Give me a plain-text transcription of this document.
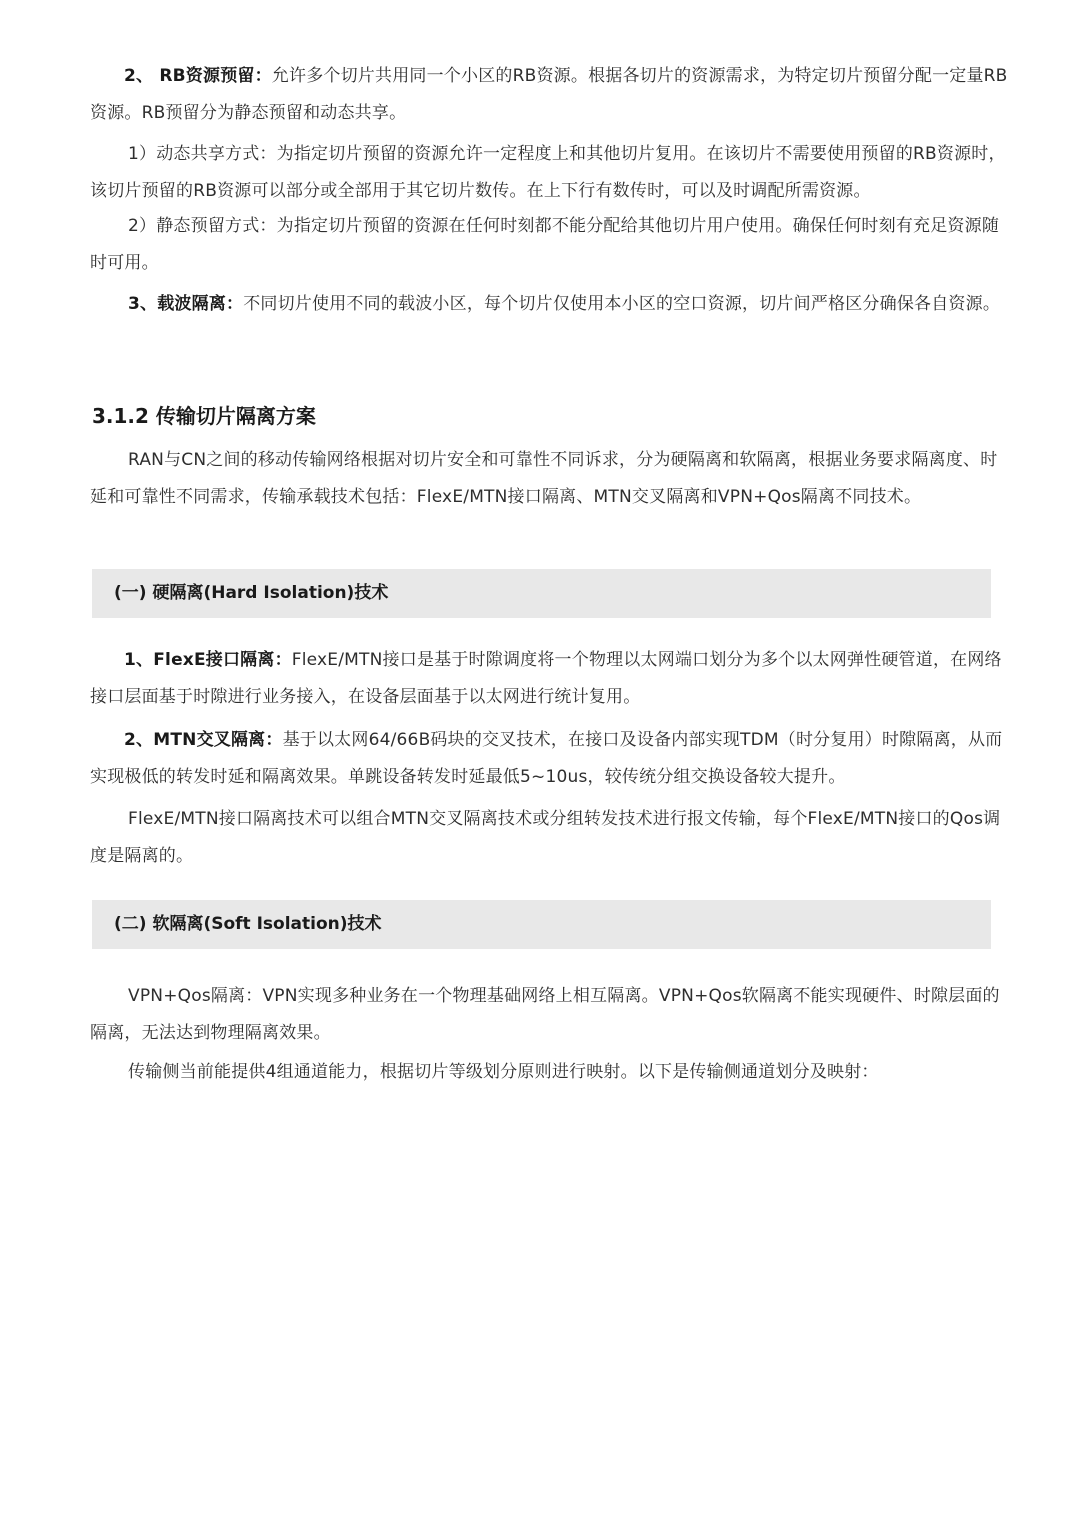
2、 RB资源预留：允许多个切片共用同一个小区的RB资源。根据各切片的资源需求，为特定切片预留分配一定量RB资源。RB预留分为静态预留和动态共享。

1）动态共享方式：为指定切片预留的资源允许一定程度上和其他切片复用。在该切片不需要使用预留的RB资源时，该切片预留的RB资源可以部分或全部用于其它切片数传。在上下行有数传时，可以及时调配所需资源。

2）静态预留方式：为指定切片预留的资源在任何时刻都不能分配给其他切片用户使用。确保任何时刻有充足资源随时可用。

3、载波隔离：不同切片使用不同的载波小区，每个切片仅使用本小区的空口资源，切片间严格区分确保各自资源。

3.1.2 传输切片隔离方案

RAN与CN之间的移动传输网络根据对切片安全和可靠性不同诉求，分为硬隔离和软隔离，根据业务要求隔离度、时延和可靠性不同需求，传输承载技术包括：FlexE/MTN接口隔离、MTN交叉隔离和VPN+Qos隔离不同技术。

(一) 硬隔离(Hard Isolation)技术

1、FlexE接口隔离：FlexE/MTN接口是基于时隙调度将一个物理以太网端口划分为多个以太网弹性硬管道，在网络接口层面基于时隙进行业务接入，在设备层面基于以太网进行统计复用。

2、MTN交叉隔离：基于以太网64/66B码块的交叉技术，在接口及设备内部实现TDM（时分复用）时隙隔离，从而实现极低的转发时延和隔离效果。单跳设备转发时延最低5~10us，较传统分组交换设备较大提升。

FlexE/MTN接口隔离技术可以组合MTN交叉隔离技术或分组转发技术进行报文传输，每个FlexE/MTN接口的Qos调度是隔离的。

(二) 软隔离(Soft Isolation)技术

VPN+Qos隔离：VPN实现多种业务在一个物理基础网络上相互隔离。VPN+Qos软隔离不能实现硬件、时隙层面的隔离，无法达到物理隔离效果。

传输侧当前能提供4组通道能力，根据切片等级划分原则进行映射。以下是传输侧通道划分及映射：
